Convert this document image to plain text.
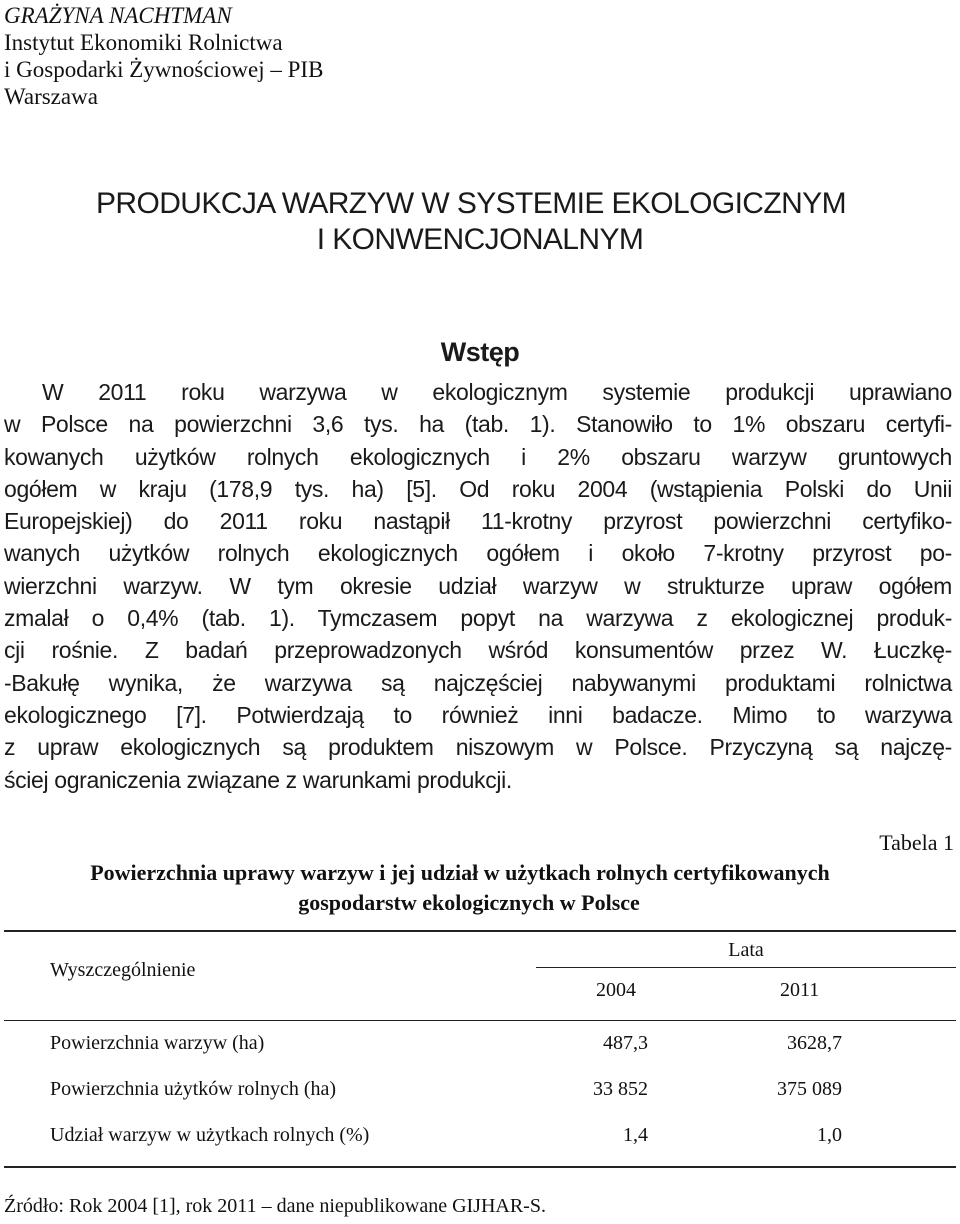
GRAŻYNA NACHTMAN
Instytut Ekonomiki Rolnictwa
i Gospodarki Żywnościowej – PIB
Warszawa
PRODUKCJA WARZYW W SYSTEMIE EKOLOGICZNYM
I KONWENCJONALNYM
Wstęp
W 2011 roku warzywa w ekologicznym systemie produkcji uprawiano
w Polsce na powierzchni 3,6 tys. ha (tab. 1). Stanowiło to 1% obszaru certyfi-
kowanych użytków rolnych ekologicznych i 2% obszaru warzyw gruntowych
ogółem w kraju (178,9 tys. ha) [5]. Od roku 2004 (wstąpienia Polski do Unii
Europejskiej) do 2011 roku nastąpił 11-krotny przyrost powierzchni certyfiko-
wanych użytków rolnych ekologicznych ogółem i około 7-krotny przyrost po-
wierzchni warzyw. W tym okresie udział warzyw w strukturze upraw ogółem
zmalał o 0,4% (tab. 1). Tymczasem popyt na warzywa z ekologicznej produk-
cji rośnie. Z badań przeprowadzonych wśród konsumentów przez W. Łuczkę-
-Bakułę wynika, że warzywa są najczęściej nabywanymi produktami rolnictwa
ekologicznego [7]. Potwierdzają to również inni badacze. Mimo to warzywa
z upraw ekologicznych są produktem niszowym w Polsce. Przyczyną są najczę-
ściej ograniczenia związane z warunkami produkcji.
Tabela 1
Powierzchnia uprawy warzyw i jej udział w użytkach rolnych certyfikowanych
gospodarstw ekologicznych w Polsce
Lata
Wyszczególnienie
2004	2011
Powierzchnia warzyw (ha)	487,3	3628,7
Powierzchnia użytków rolnych (ha)	33 852	375 089
Udział warzyw w użytkach rolnych (%)	1,4	1,0
Źródło: Rok 2004 [1], rok 2011 – dane niepublikowane GIJHAR-S.
